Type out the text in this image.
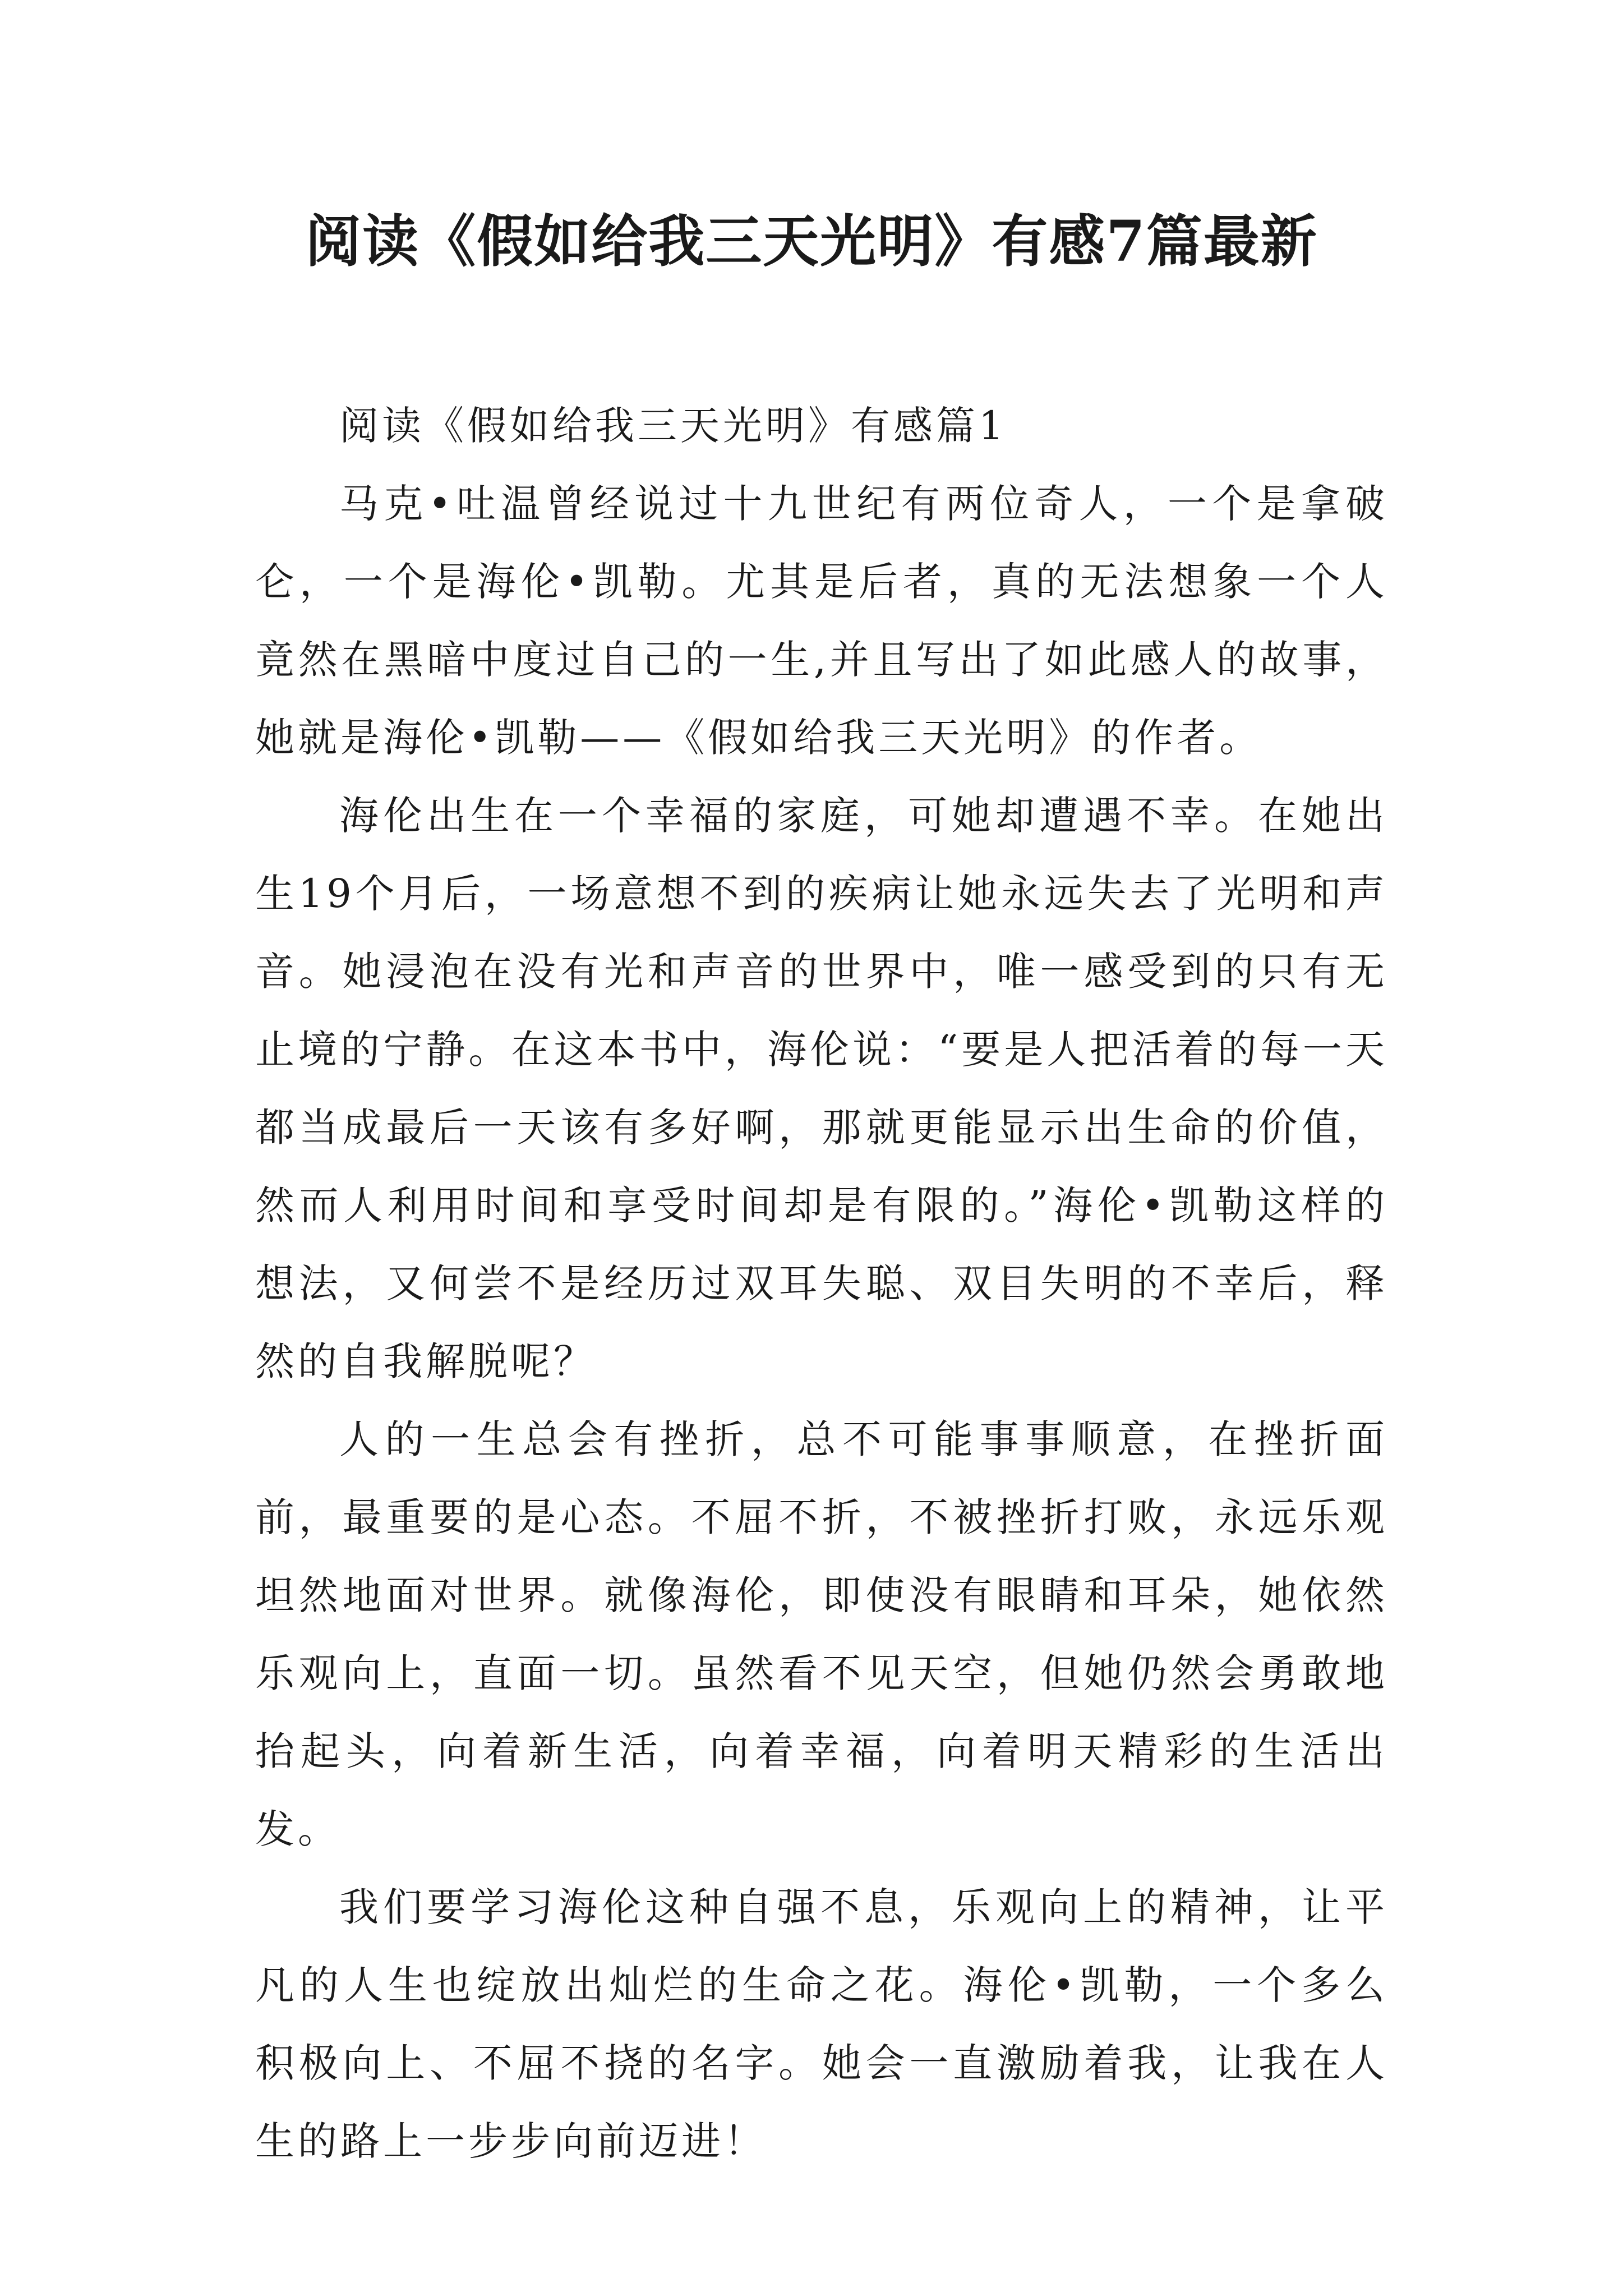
阅读《假如给我三天光明》有感7篇最新
阅读《假如给我三天光明》有感篇1

马克•吐温曾经说过十九世纪有两位奇人，一个是拿破仑，一个是海伦•凯勒。尤其是后者，真的无法想象一个人竟然在黑暗中度过自己的一生,并且写出了如此感人的故事，她就是海伦•凯勒——《假如给我三天光明》的作者。

海伦出生在一个幸福的家庭，可她却遭遇不幸。在她出生19个月后，一场意想不到的疾病让她永远失去了光明和声音。她浸泡在没有光和声音的世界中，唯一感受到的只有无止境的宁静。在这本书中，海伦说：“要是人把活着的每一天都当成最后一天该有多好啊，那就更能显示出生命的价值，然而人利用时间和享受时间却是有限的。”海伦•凯勒这样的想法，又何尝不是经历过双耳失聪、双目失明的不幸后，释然的自我解脱呢？

人的一生总会有挫折，总不可能事事顺意，在挫折面前，最重要的是心态。不屈不折，不被挫折打败，永远乐观坦然地面对世界。就像海伦，即使没有眼睛和耳朵，她依然乐观向上，直面一切。虽然看不见天空，但她仍然会勇敢地抬起头，向着新生活，向着幸福，向着明天精彩的生活出发。

我们要学习海伦这种自强不息，乐观向上的精神，让平凡的人生也绽放出灿烂的生命之花。海伦•凯勒，一个多么积极向上、不屈不挠的名字。她会一直激励着我，让我在人生的路上一步步向前迈进！
